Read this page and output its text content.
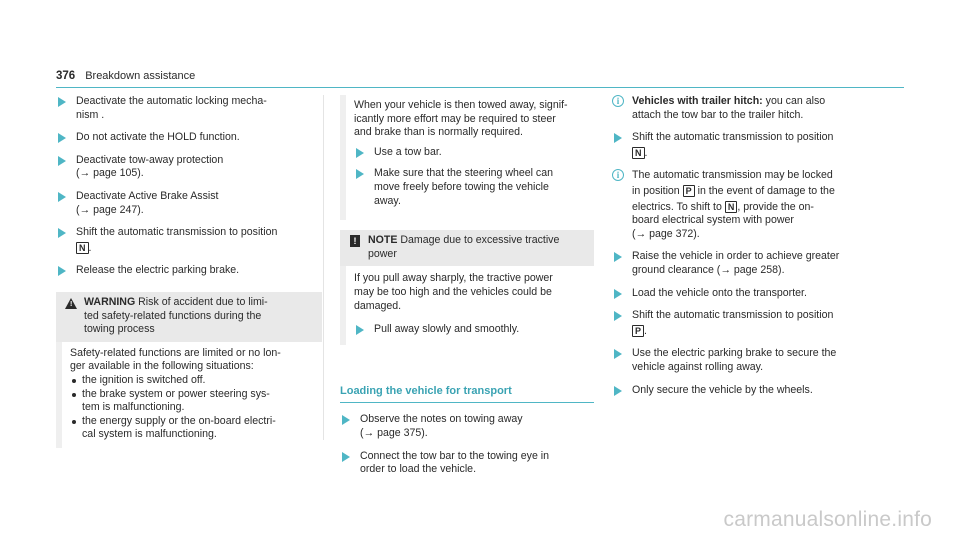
376 Breakdown assistance
Deactivate the automatic locking mecha-
nism .
Do not activate the HOLD function.
Deactivate tow-away protection
(→ page 105).
Deactivate Active Brake Assist
(→ page 247).
Shift the automatic transmission to position
N .
Release the electric parking brake.
! WARNING Risk of accident due to limi-
ted safety-related functions during the
towing process
Safety-related functions are limited or no lon-
ger available in the following situations:
the ignition is switched off.
the brake system or power steering sys-
tem is malfunctioning.
the energy supply or the on-board electri-
cal system is malfunctioning.
When your vehicle is then towed away, signif-
icantly more effort may be required to steer
and brake than is normally required.
Use a tow bar.
Make sure that the steering wheel can
move freely before towing the vehicle
away.
!	NOTE Damage due to excessive tractive
power
If you pull away sharply, the tractive power
may be too high and the vehicles could be
damaged.
Pull away slowly and smoothly.
Loading the vehicle for transport
Observe the notes on towing away
(→ page 375).
Connect the tow bar to the towing eye in
order to load the vehicle.
i	Vehicles with trailer hitch: you can also
attach the tow bar to the trailer hitch.
Shift the automatic transmission to position
N .
i	The automatic transmission may be locked
in position P in the event of damage to the
electrics. To shift to N , provide the on-
board electrical system with power
(→ page 372).
Raise the vehicle in order to achieve greater
ground clearance (→ page 258).
Load the vehicle onto the transporter.
Shift the automatic transmission to position
P .
Use the electric parking brake to secure the
vehicle against rolling away.
Only secure the vehicle by the wheels.
carmanualsonline.info
